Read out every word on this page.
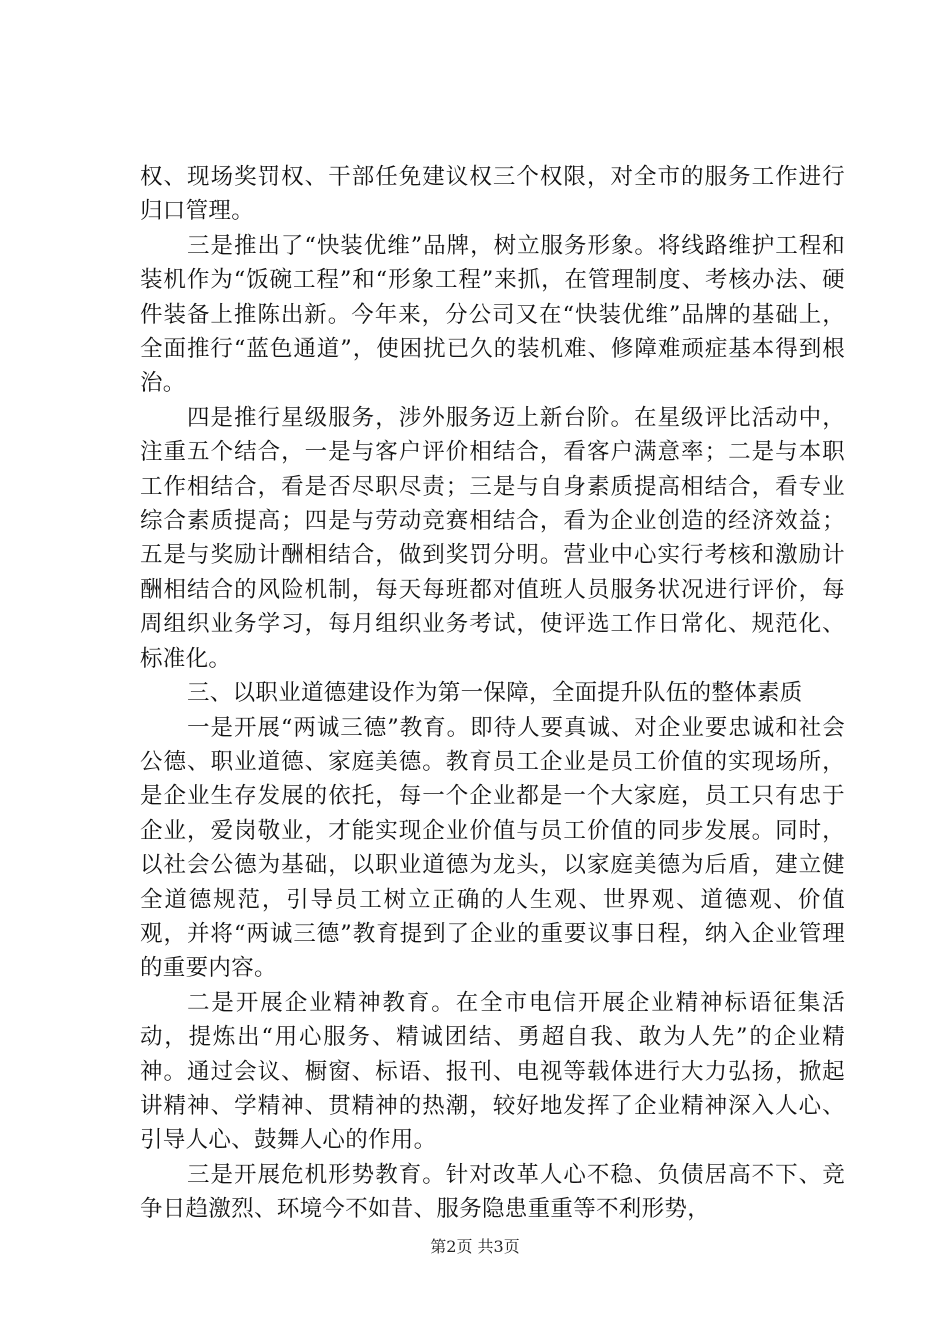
权、现场奖罚权、干部任免建议权三个权限，对全市的服务工作进行归口管理。

三是推出了“快装优维”品牌，树立服务形象。将线路维护工程和装机作为“饭碗工程”和“形象工程”来抓，在管理制度、考核办法、硬件装备上推陈出新。今年来，分公司又在“快装优维”品牌的基础上，全面推行“蓝色通道”，使困扰已久的装机难、修障难顽症基本得到根治。

四是推行星级服务，涉外服务迈上新台阶。在星级评比活动中，注重五个结合，一是与客户评价相结合，看客户满意率；二是与本职工作相结合，看是否尽职尽责；三是与自身素质提高相结合，看专业综合素质提高；四是与劳动竞赛相结合，看为企业创造的经济效益；五是与奖励计酬相结合，做到奖罚分明。营业中心实行考核和激励计酬相结合的风险机制，每天每班都对值班人员服务状况进行评价，每周组织业务学习，每月组织业务考试，使评选工作日常化、规范化、标准化。

三、以职业道德建设作为第一保障，全面提升队伍的整体素质

一是开展“两诚三德”教育。即待人要真诚、对企业要忠诚和社会公德、职业道德、家庭美德。教育员工企业是员工价值的实现场所，是企业生存发展的依托，每一个企业都是一个大家庭，员工只有忠于企业，爱岗敬业，才能实现企业价值与员工价值的同步发展。同时，以社会公德为基础，以职业道德为龙头，以家庭美德为后盾，建立健全道德规范，引导员工树立正确的人生观、世界观、道德观、价值观，并将“两诚三德”教育提到了企业的重要议事日程，纳入企业管理的重要内容。

二是开展企业精神教育。在全市电信开展企业精神标语征集活动，提炼出“用心服务、精诚团结、勇超自我、敢为人先”的企业精神。通过会议、橱窗、标语、报刊、电视等载体进行大力弘扬，掀起讲精神、学精神、贯精神的热潮，较好地发挥了企业精神深入人心、引导人心、鼓舞人心的作用。

三是开展危机形势教育。针对改革人心不稳、负债居高不下、竞争日趋激烈、环境今不如昔、服务隐患重重等不利形势，

第2页 共3页
